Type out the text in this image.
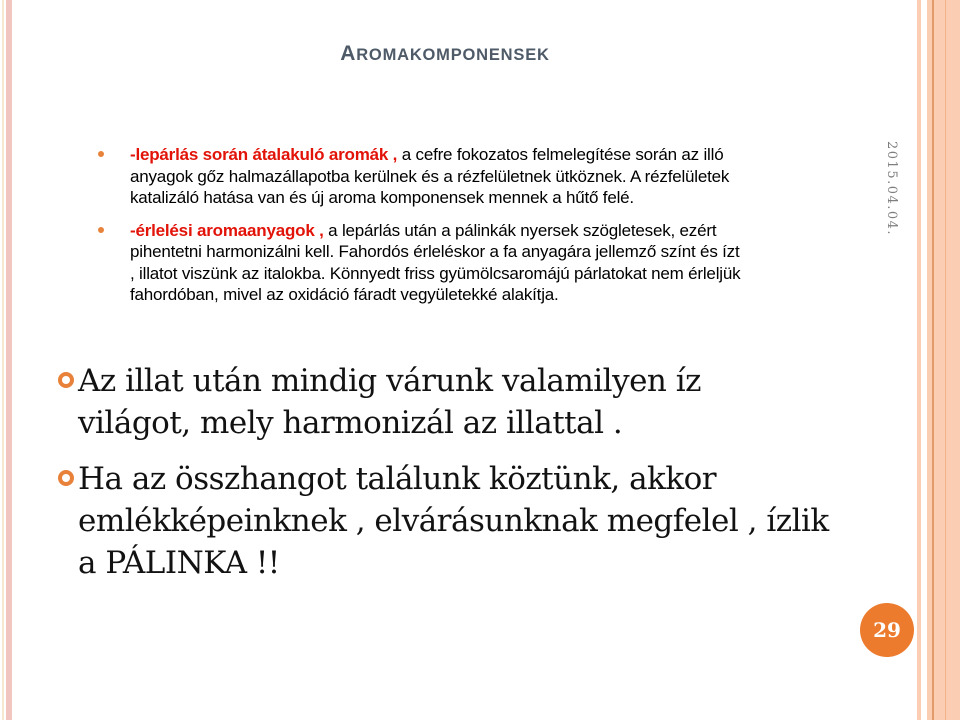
AROMAKOMPONENSEK
2015.04.04.
-lepárlás során átalakuló aromák , a cefre fokozatos felmelegítése során az illó
anyagok gőz halmazállapotba kerülnek és a rézfelületnek ütköznek. A rézfelületek
katalizáló hatása van és új aroma komponensek mennek a hűtő felé.
-érlelési aromaanyagok , a lepárlás után a pálinkák nyersek szögletesek, ezért
pihentetni harmonizálni kell. Fahordós érleléskor a fa anyagára jellemző színt és ízt
, illatot viszünk az italokba. Könnyedt friss gyümölcsaromájú párlatokat nem érleljük
fahordóban, mivel az oxidáció fáradt vegyületekké alakítja.
Az illat után mindig várunk valamilyen íz
világot, mely harmonizál az illattal .
Ha az összhangot találunk köztünk, akkor
emlékképeinknek , elvárásunknak megfelel , ízlik
a PÁLINKA !!
29
